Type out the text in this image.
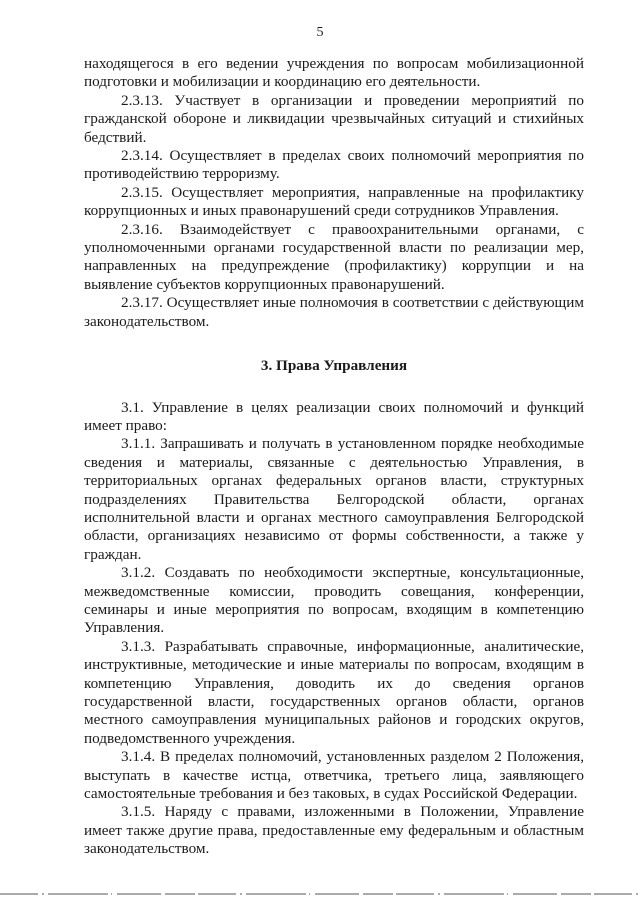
5

находящегося в его ведении учреждения по вопросам мобилизационной подготовки и мобилизации и координацию его деятельности.

2.3.13. Участвует в организации и проведении мероприятий по гражданской обороне и ликвидации чрезвычайных ситуаций и стихийных бедствий.

2.3.14. Осуществляет в пределах своих полномочий мероприятия по противодействию терроризму.

2.3.15. Осуществляет мероприятия, направленные на профилактику коррупционных и иных правонарушений среди сотрудников Управления.

2.3.16. Взаимодействует с правоохранительными органами, с уполномоченными органами государственной власти по реализации мер, направленных на предупреждение (профилактику) коррупции и на выявление субъектов коррупционных правонарушений.

2.3.17. Осуществляет иные полномочия в соответствии с действующим законодательством.

3. Права Управления

3.1. Управление в целях реализации своих полномочий и функций имеет право:

3.1.1. Запрашивать и получать в установленном порядке необходимые сведения и материалы, связанные с деятельностью Управления, в территориальных органах федеральных органов власти, структурных подразделениях Правительства Белгородской области, органах исполнительной власти и органах местного самоуправления Белгородской области, организациях независимо от формы собственности, а также у граждан.

3.1.2. Создавать по необходимости экспертные, консультационные, межведомственные комиссии, проводить совещания, конференции, семинары и иные мероприятия по вопросам, входящим в компетенцию Управления.

3.1.3. Разрабатывать справочные, информационные, аналитические, инструктивные, методические и иные материалы по вопросам, входящим в компетенцию Управления, доводить их до сведения органов государственной власти, государственных органов области, органов местного самоуправления муниципальных районов и городских округов, подведомственного учреждения.

3.1.4. В пределах полномочий, установленных разделом 2 Положения, выступать в качестве истца, ответчика, третьего лица, заявляющего самостоятельные требования и без таковых, в судах Российской Федерации.

3.1.5. Наряду с правами, изложенными в Положении, Управление имеет также другие права, предоставленные ему федеральным и областным законодательством.
